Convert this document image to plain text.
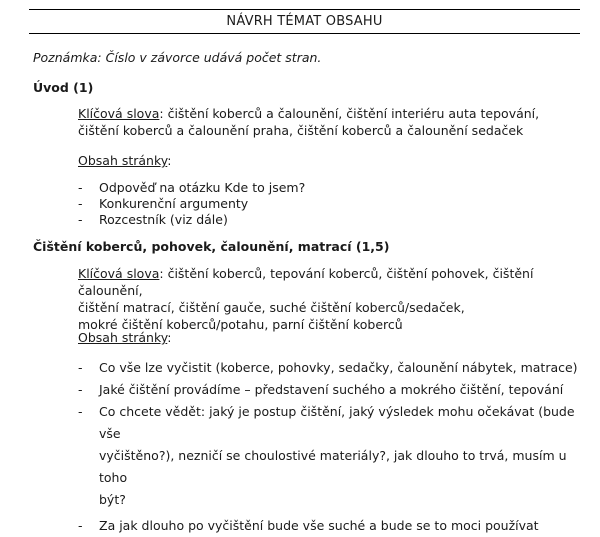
NÁVRH TÉMAT OBSAHU
Poznámka: Číslo v závorce udává počet stran.
Úvod (1)
Klíčová slova: čištění koberců a čalounění, čištění interiéru auta tepování,
čištění koberců a čalounění praha, čištění koberců a čalounění sedaček
Obsah stránky:
- Odpověď na otázku Kde to jsem?
- Konkurenční argumenty
- Rozcestník (viz dále)
Čištění koberců, pohovek, čalounění, matrací (1,5)
Klíčová slova: čištění koberců, tepování koberců, čištění pohovek, čištění čalounění,
čištění matrací, čištění gauče, suché čištění koberců/sedaček,
mokré čištění koberců/potahu, parní čištění koberců
Obsah stránky:
- Co vše lze vyčistit (koberce, pohovky, sedačky, čalounění nábytek, matrace)
- Jaké čištění provádíme – představení suchého a mokrého čištění, tepování
- Co chcete vědět: jaký je postup čištění, jaký výsledek mohu očekávat (bude vše
vyčištěno?), nezničí se choulostivé materiály?, jak dlouho to trvá, musím u toho
být?
- Za jak dlouho po vyčištění bude vše suché a bude se to moci používat
